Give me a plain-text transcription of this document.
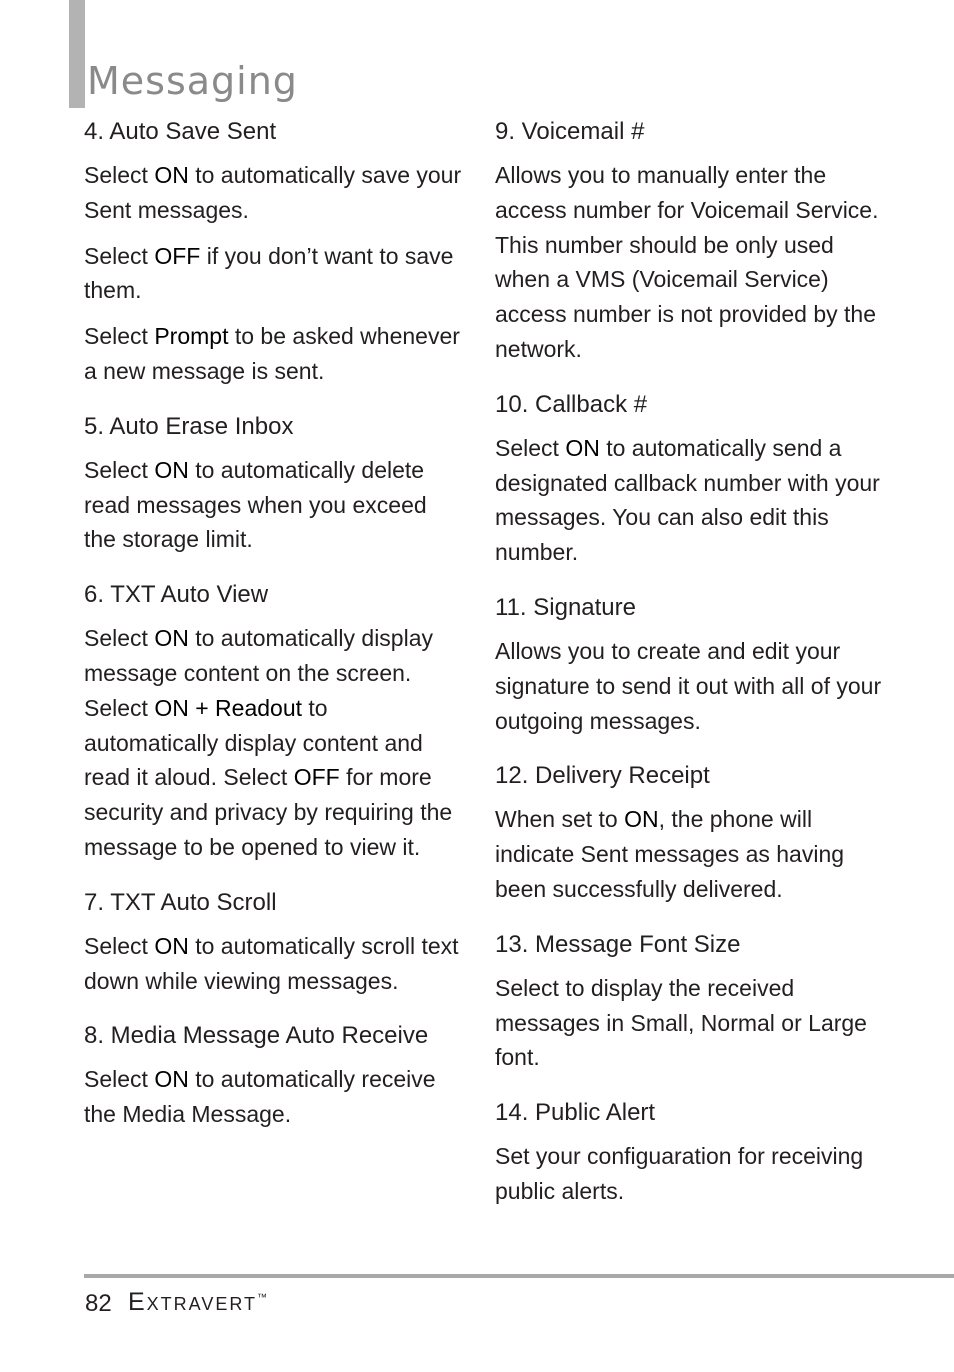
Messaging
4. Auto Save Sent

Select ON to automatically save your Sent messages.

Select OFF if you don’t want to save them.

Select Prompt to be asked whenever a new message is sent.

5. Auto Erase Inbox

Select ON to automatically delete read messages when you exceed the storage limit.

6. TXT Auto View

Select ON to automatically display message content on the screen. Select ON + Readout to automatically display content and read it aloud. Select OFF for more security and privacy by requiring the message to be opened to view it.

7. TXT Auto Scroll

Select ON to automatically scroll text down while viewing messages.

8. Media Message Auto Receive

Select ON to automatically receive the Media Message.

9. Voicemail #

Allows you to manually enter the access number for Voicemail Service. This number should be only used when a VMS (Voicemail Service) access number is not provided by the network.

10. Callback #

Select ON to automatically send a designated callback number with your messages. You can also edit this number.

11. Signature

Allows you to create and edit your signature to send it out with all of your outgoing messages.

12. Delivery Receipt

When set to ON, the phone will indicate Sent messages as having been successfully delivered.

13. Message Font Size

Select to display the received messages in Small, Normal or Large font.

14. Public Alert

Set your configuaration for receiving public alerts.

82 Extravert™
